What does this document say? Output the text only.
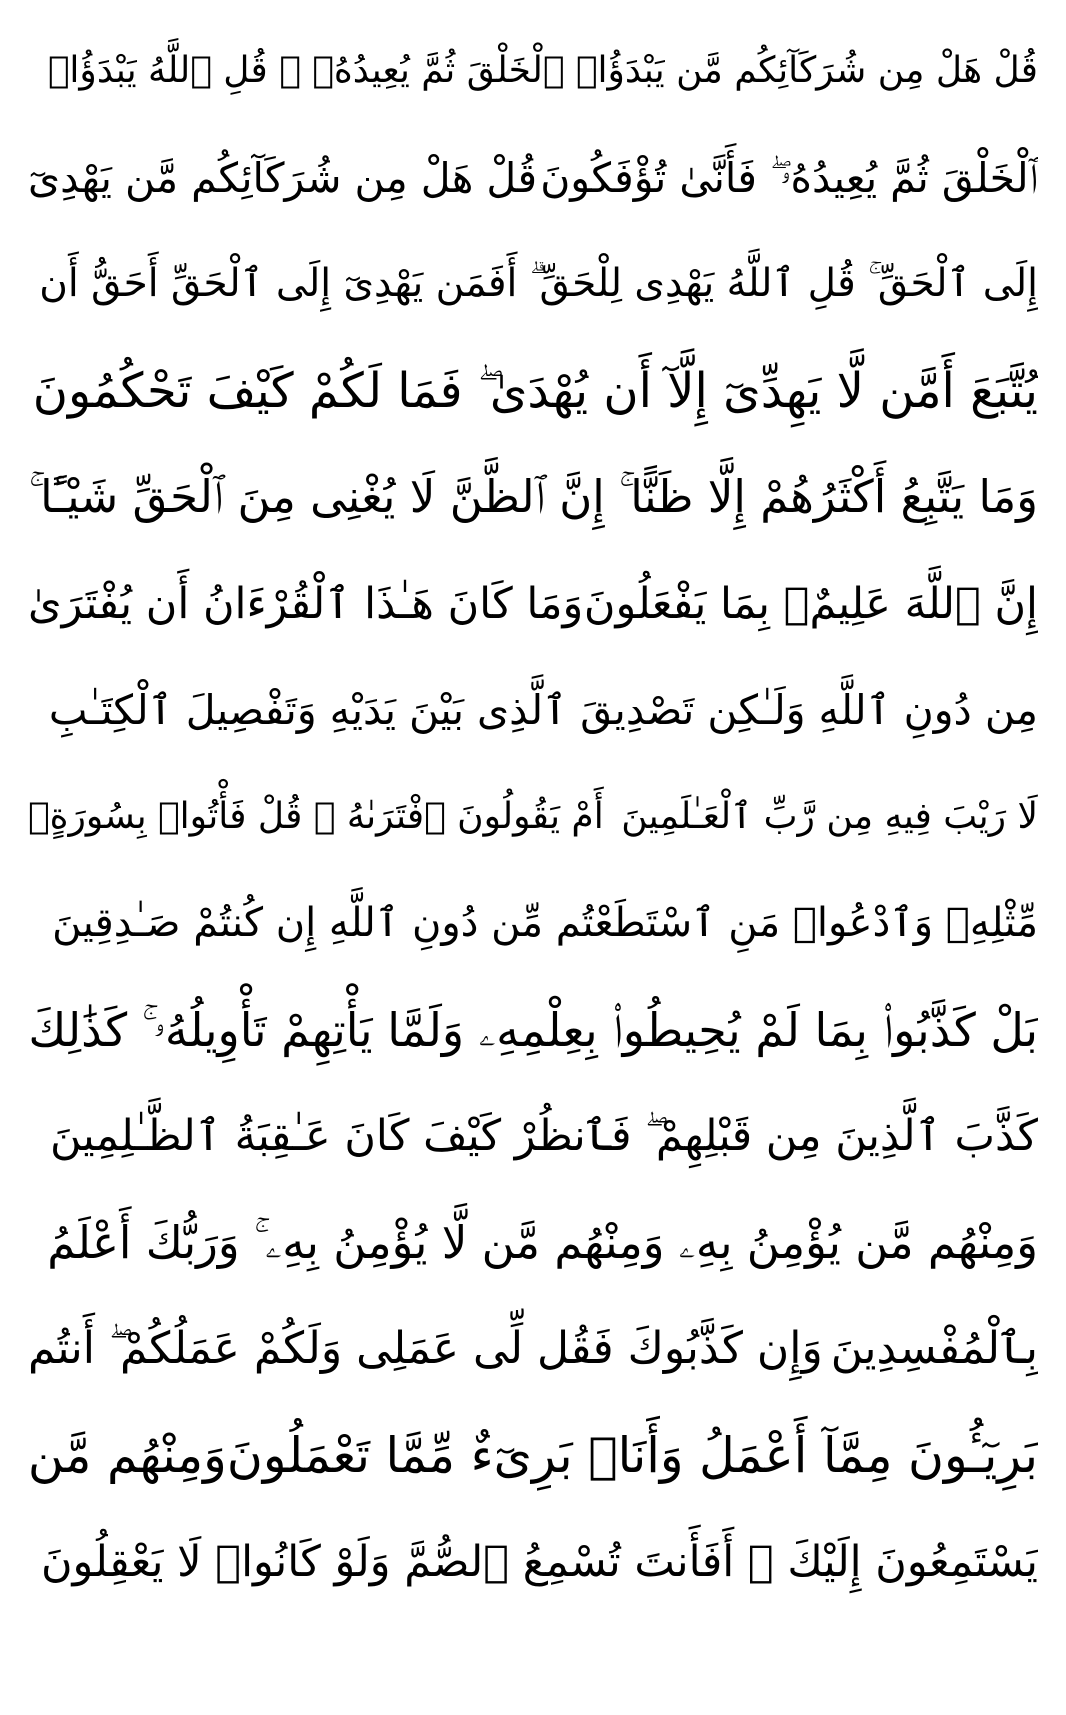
قُلْ هَلْ مِن شُرَكَآئِكُم مَّن يَبْدَؤُا۟ ٱلْخَلْقَ ثُمَّ يُعِيدُهُۥ ۚ قُلِ ٱللَّهُ يَبْدَؤُا۟
ٱلْخَلْقَ ثُمَّ يُعِيدُهُۥ ۖ فَأَنَّىٰ تُؤْفَكُونَ
قُلْ هَلْ مِن شُرَكَآئِكُم مَّن يَهْدِىٓ
إِلَى ٱلْحَقِّ ۚ قُلِ ٱللَّهُ يَهْدِى لِلْحَقِّ ۗ أَفَمَن يَهْدِىٓ إِلَى ٱلْحَقِّ أَحَقُّ أَن
يُتَّبَعَ أَمَّن لَّا يَهِدِّىٓ إِلَّآ أَن يُهْدَىٰ ۖ فَمَا لَكُمْ كَيْفَ تَحْكُمُونَ
وَمَا يَتَّبِعُ أَكْثَرُهُمْ إِلَّا ظَنًّا ۚ إِنَّ ٱلظَّنَّ لَا يُغْنِى مِنَ ٱلْحَقِّ شَيْـًٔا ۚ
إِنَّ ٱللَّهَ عَلِيمٌۢ بِمَا يَفْعَلُونَ
وَمَا كَانَ هَـٰذَا ٱلْقُرْءَانُ أَن يُفْتَرَىٰ
مِن دُونِ ٱللَّهِ وَلَـٰكِن تَصْدِيقَ ٱلَّذِى بَيْنَ يَدَيْهِ وَتَفْصِيلَ ٱلْكِتَـٰبِ
لَا رَيْبَ فِيهِ مِن رَّبِّ ٱلْعَـٰلَمِينَ
أَمْ يَقُولُونَ ٱفْتَرَىٰهُ ۖ قُلْ فَأْتُوا۟ بِسُورَةٍۢ
مِّثْلِهِۦ وَٱدْعُوا۟ مَنِ ٱسْتَطَعْتُم مِّن دُونِ ٱللَّهِ إِن كُنتُمْ صَـٰدِقِينَ
بَلْ كَذَّبُوا۟ بِمَا لَمْ يُحِيطُوا۟ بِعِلْمِهِۦ وَلَمَّا يَأْتِهِمْ تَأْوِيلُهُۥ ۚ كَذَٰلِكَ
كَذَّبَ ٱلَّذِينَ مِن قَبْلِهِمْ ۖ فَٱنظُرْ كَيْفَ كَانَ عَـٰقِبَةُ ٱلظَّـٰلِمِينَ
وَمِنْهُم مَّن يُؤْمِنُ بِهِۦ وَمِنْهُم مَّن لَّا يُؤْمِنُ بِهِۦ ۚ وَرَبُّكَ أَعْلَمُ
بِٱلْمُفْسِدِينَ
وَإِن كَذَّبُوكَ فَقُل لِّى عَمَلِى وَلَكُمْ عَمَلُكُمْ ۖ أَنتُم
بَرِيٓـُٔونَ مِمَّآ أَعْمَلُ وَأَنَا۠ بَرِىٓءٌ مِّمَّا تَعْمَلُونَ
وَمِنْهُم مَّن
يَسْتَمِعُونَ إِلَيْكَ ۚ أَفَأَنتَ تُسْمِعُ ٱلصُّمَّ وَلَوْ كَانُوا۟ لَا يَعْقِلُونَ
